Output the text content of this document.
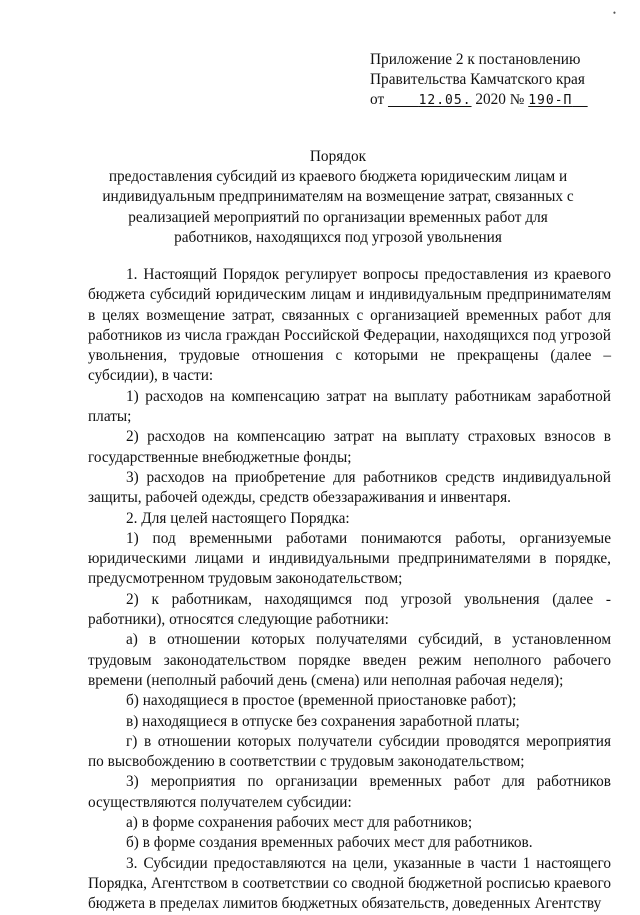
•
Приложение 2 к постановлению
Правительства Камчатского края
от	12.05. 2020 № 190-П
Порядок
предоставления субсидий из краевого бюджета юридическим лицам и индивидуальным предпринимателям на возмещение затрат, связанных с реализацией мероприятий по организации временных работ для работников, находящихся под угрозой увольнения

1. Настоящий Порядок регулирует вопросы предоставления из краевого бюджета субсидий юридическим лицам и индивидуальным предпринимателям в целях возмещение затрат, связанных с организацией временных работ для работников из числа граждан Российской Федерации, находящихся под угрозой увольнения, трудовые отношения с которыми не прекращены (далее – субсидии), в части:

1) расходов на компенсацию затрат на выплату работникам заработной платы;

2) расходов на компенсацию затрат на выплату страховых взносов в государственные внебюджетные фонды;

3) расходов на приобретение для работников средств индивидуальной защиты, рабочей одежды, средств обеззараживания и инвентаря.

2. Для целей настоящего Порядка:

1) под временными работами понимаются работы, организуемые юридическими лицами и индивидуальными предпринимателями в порядке, предусмотренном трудовым законодательством;

2) к работникам, находящимся под угрозой увольнения (далее - работники), относятся следующие работники:

а) в отношении которых получателями субсидий, в установленном трудовым законодательством порядке введен режим неполного рабочего времени (неполный рабочий день (смена) или неполная рабочая неделя);

б) находящиеся в простое (временной приостановке работ);

в) находящиеся в отпуске без сохранения заработной платы;

г) в отношении которых получатели субсидии проводятся мероприятия по высвобождению в соответствии с трудовым законодательством;

3) мероприятия по организации временных работ для работников осуществляются получателем субсидии:

а) в форме сохранения рабочих мест для работников;

б) в форме создания временных рабочих мест для работников.

3. Субсидии предоставляются на цели, указанные в части 1 настоящего Порядка, Агентством в соответствии со сводной бюджетной росписью краевого бюджета в пределах лимитов бюджетных обязательств, доведенных Агентству
